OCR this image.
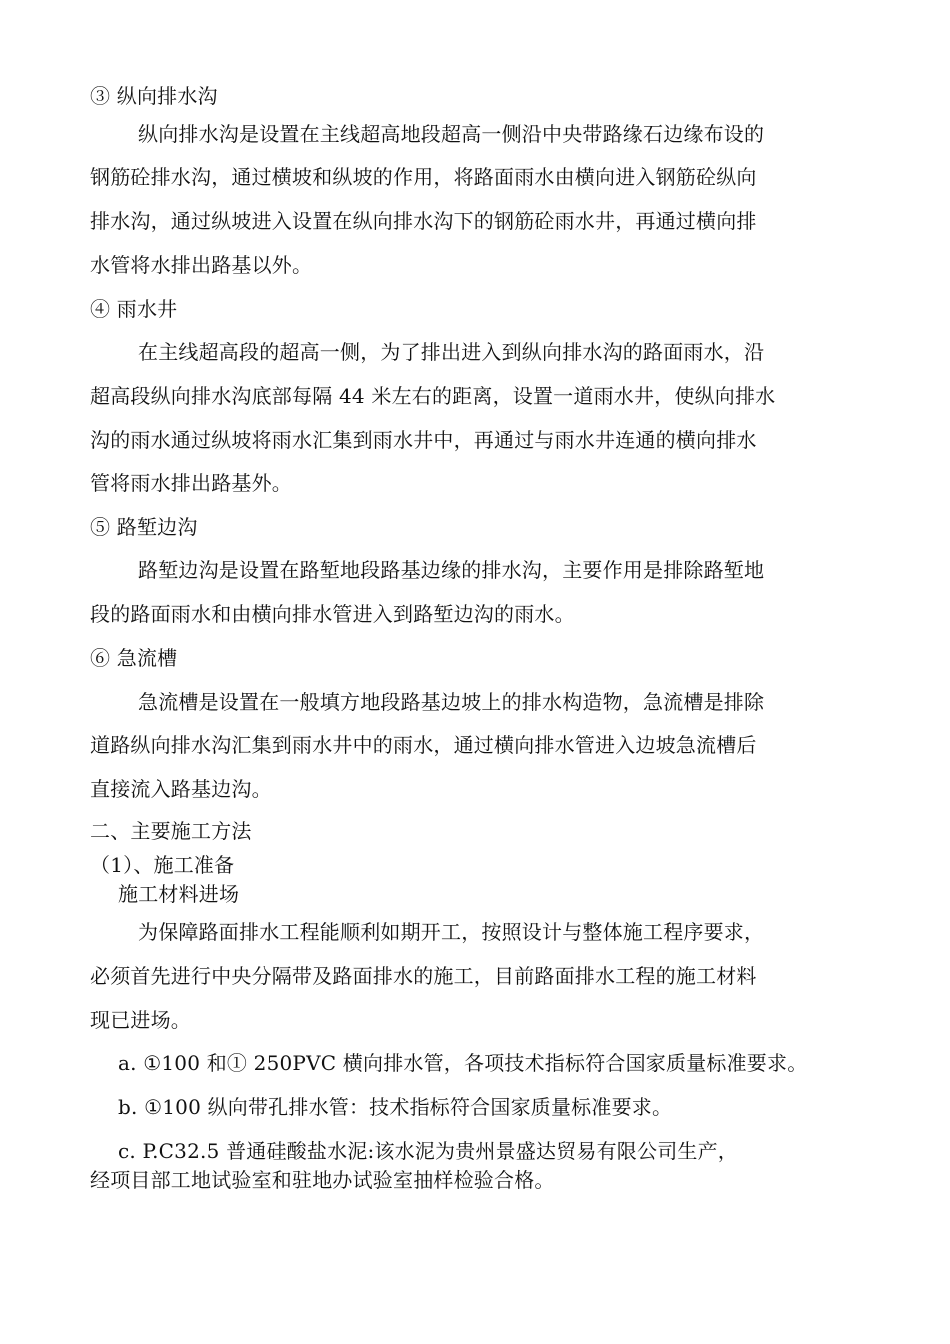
③ 纵向排水沟
纵向排水沟是设置在主线超高地段超高一侧沿中央带路缘石边缘布设的
钢筋砼排水沟，通过横坡和纵坡的作用，将路面雨水由横向进入钢筋砼纵向
排水沟，通过纵坡进入设置在纵向排水沟下的钢筋砼雨水井，再通过横向排
水管将水排出路基以外。
④ 雨水井
在主线超高段的超高一侧，为了排出进入到纵向排水沟的路面雨水，沿
超高段纵向排水沟底部每隔 44 米左右的距离，设置一道雨水井，使纵向排水
沟的雨水通过纵坡将雨水汇集到雨水井中，再通过与雨水井连通的横向排水
管将雨水排出路基外。
⑤ 路堑边沟
路堑边沟是设置在路堑地段路基边缘的排水沟，主要作用是排除路堑地
段的路面雨水和由横向排水管进入到路堑边沟的雨水。
⑥ 急流槽
急流槽是设置在一般填方地段路基边坡上的排水构造物，急流槽是排除
道路纵向排水沟汇集到雨水井中的雨水，通过横向排水管进入边坡急流槽后
直接流入路基边沟。
二、主要施工方法
（1）、施工准备
施工材料进场
为保障路面排水工程能顺利如期开工，按照设计与整体施工程序要求，
必须首先进行中央分隔带及路面排水的施工，目前路面排水工程的施工材料
现已进场。
a. ①100 和① 250PVC 横向排水管，各项技术指标符合国家质量标准要求。
b. ①100 纵向带孔排水管：技术指标符合国家质量标准要求。
c. P.C32.5 普通硅酸盐水泥:该水泥为贵州景盛达贸易有限公司生产，
经项目部工地试验室和驻地办试验室抽样检验合格。
